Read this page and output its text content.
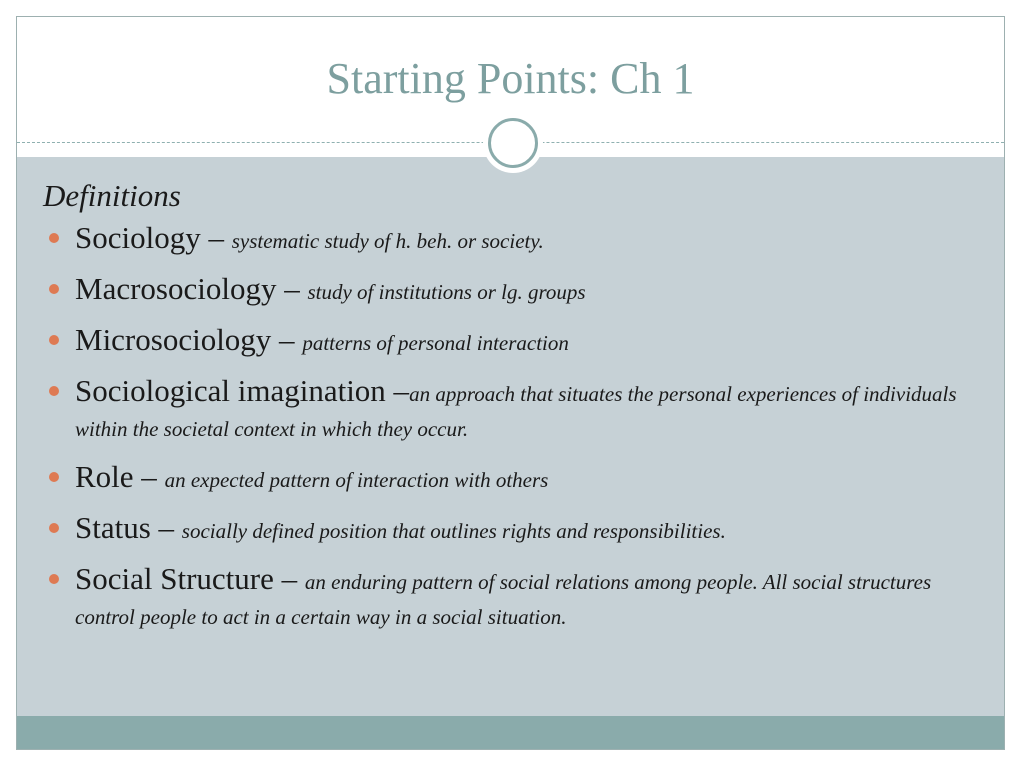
Starting Points: Ch 1

Definitions

Sociology – systematic study of h. beh. or society.
Macrosociology – study of institutions or lg. groups
Microsociology – patterns of personal interaction
Sociological imagination –an approach that situates the personal experiences of individuals within the societal context in which they occur.
Role – an expected pattern of interaction with others
Status – socially defined position that outlines rights and responsibilities.
Social Structure – an enduring pattern of social relations among people. All social structures control people to act in a certain way in a social situation.
